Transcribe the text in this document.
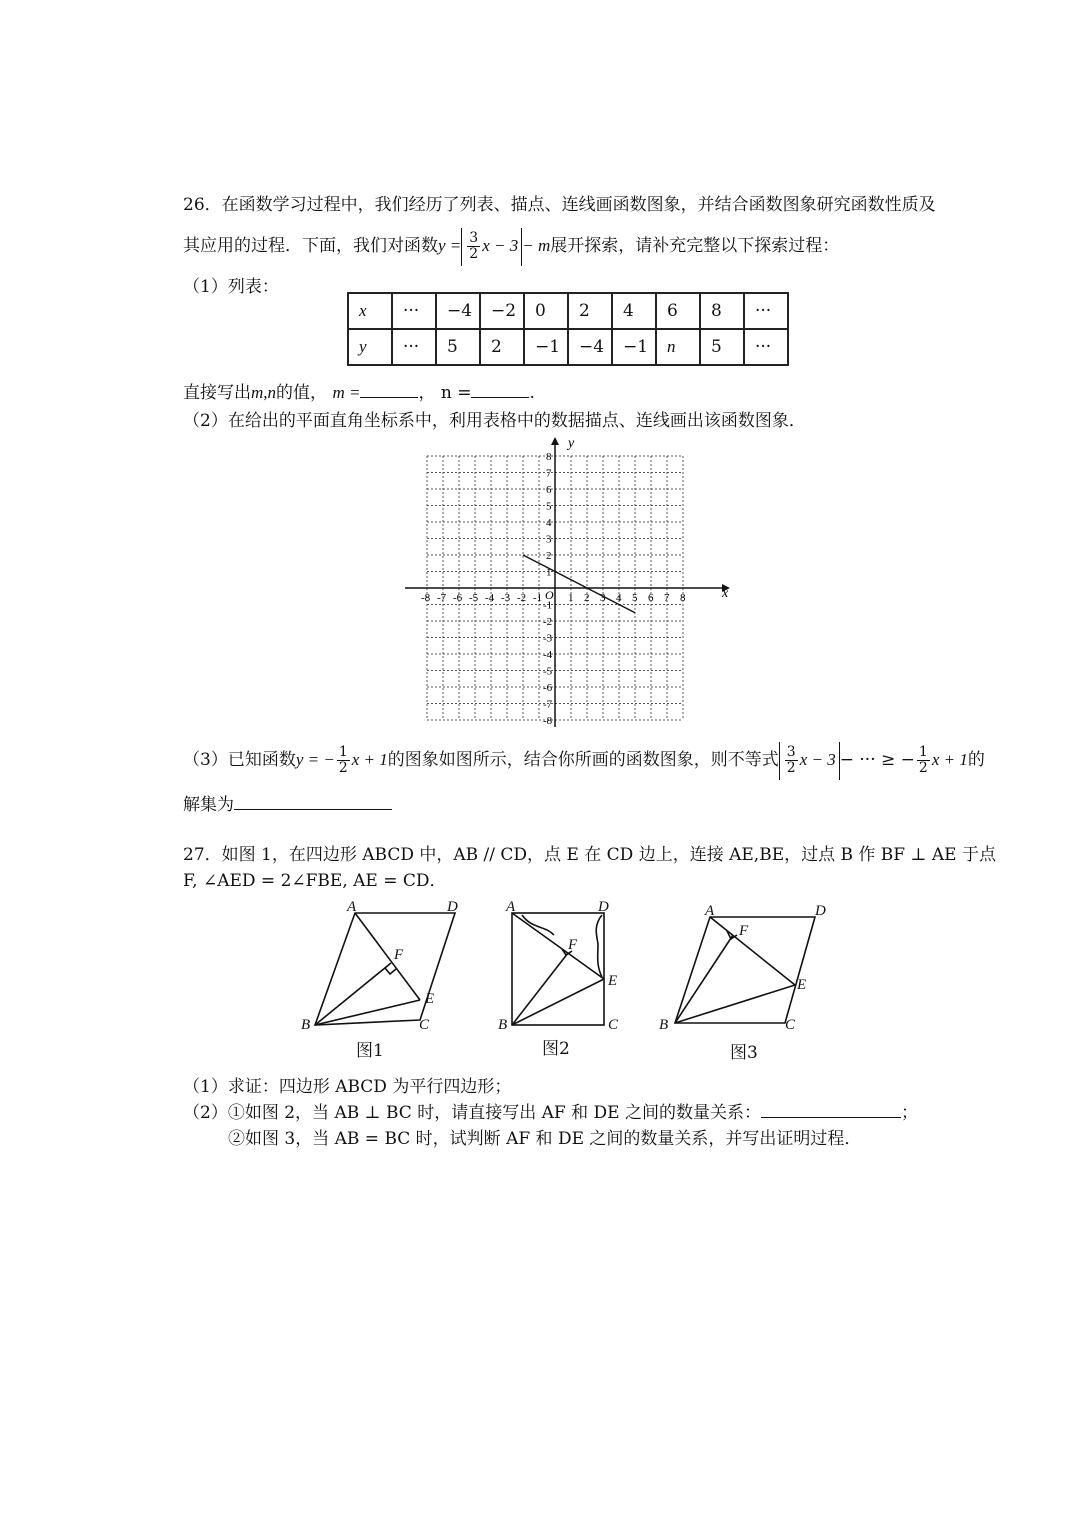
26．在函数学习过程中，我们经历了列表、描点、连线画函数图象，并结合函数图象研究函数性质及
其应用的过程．下面，我们对函数$y = \frac{3}{2}$ x − 3 − m展开探索，请补充完整以下探索过程：
（1）列表：
x	···	−4	−2	0	2	4	6	8	···
y	···	5	2	−1	−4	−1	n	5	···
直接写出m,n的值， m =	， n =	.
（2）在给出的平面直角坐标系中，利用表格中的数据描点、连线画出该函数图象．
-8 -7 -6 -5 -4 -3 -2 -1 1 2 3 4 5 6 7 8
1
2
3
4
5
6
7
8
-1
-2
-3
-4
-5
-6
-7
-8
x
y
O
（3）已知函数y = − $\frac{1}{2}$ x + 1的图象如图所示，结合你所画的函数图象，则不等式 $\frac{3}{2}$ x − 3 − ··· ≥ − $\frac{1}{2}$ x + 1的
解集为
27．如图 1，在四边形 ABCD 中，AB // CD，点 E 在 CD 边上，连接 AE,BE，过点 B 作 BF ⊥ AE 于点
F, ∠AED = 2∠FBE, AE = CD．
A	D
F
E
B	C
图1
A	D
F
E
B	C
图2
A	D
F
E
B	C
图3
（1）求证：四边形 ABCD 为平行四边形；
（2）①如图 2，当 AB ⊥ BC 时，请直接写出 AF 和 DE 之间的数量关系：	；
②如图 3，当 AB = BC 时，试判断 AF 和 DE 之间的数量关系，并写出证明过程．
